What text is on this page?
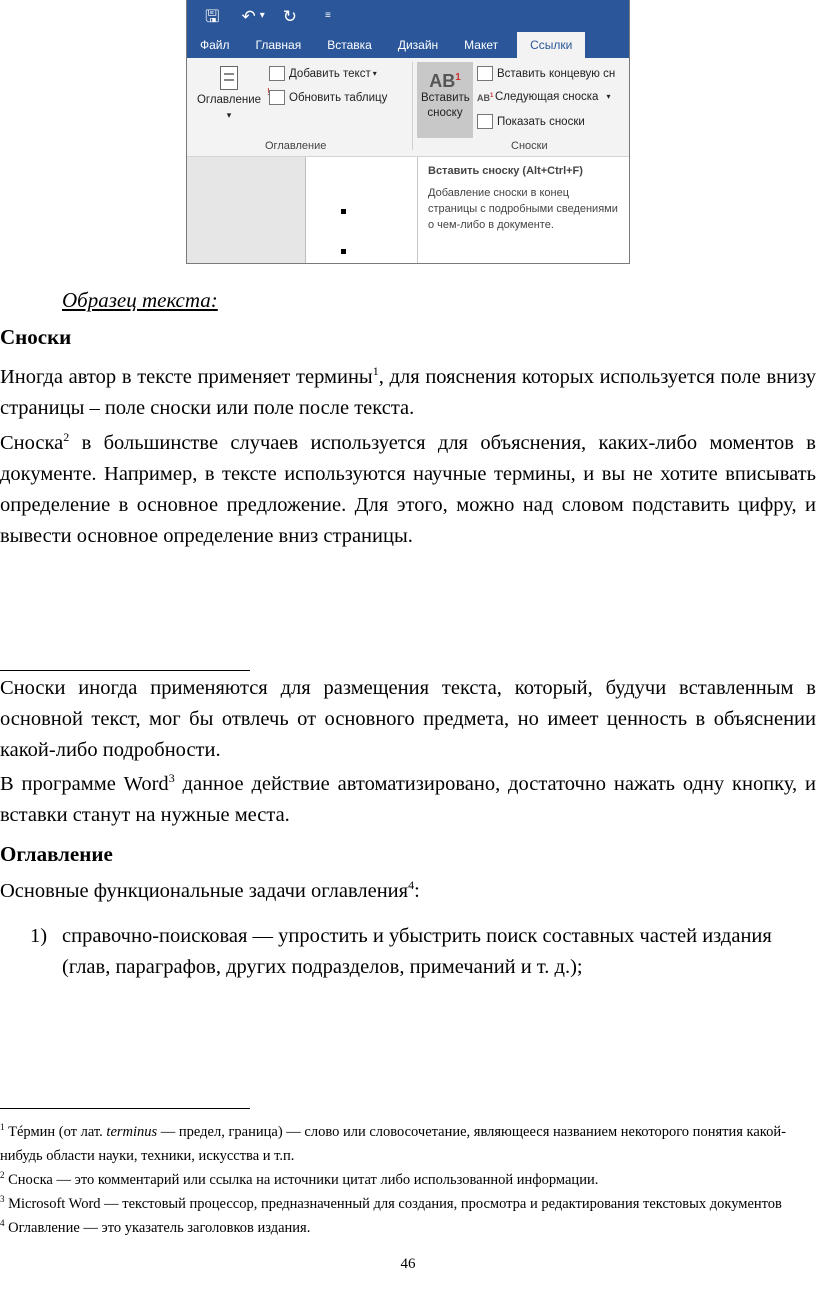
🖫 ↶ ▾ ↻	≡
Файл	Главная	Вставка	Дизайн	Макет	Ссылки
Оглавление
▾
Добавить текст ▾
! Обновить таблицу
Оглавление
$AB^1$
Вставить сноску
Вставить концевую сн
$AB^1$ Следующая сноска ▾
Показать сноски
Сноски
Вставить сноску (Alt+Ctrl+F)
Добавление сноски в конец страницы с подробными сведениями о чем-либо в документе.
Образец текста:
Сноски
Иногда автор в тексте применяет термины$^1$, для пояснения которых используется поле внизу страницы – поле сноски или поле после текста.
Сноска$^2$ в большинстве случаев используется для объяснения, каких-либо моментов в документе. Например, в тексте используются научные термины, и вы не хотите вписывать определение в основное предложение. Для этого, можно над словом подставить цифру, и вывести основное определение вниз страницы.
Сноски иногда применяются для размещения текста, который, будучи вставленным в основной текст, мог бы отвлечь от основного предмета, но имеет ценность в объяснении какой-либо подробности.
В программе Word$^3$ данное действие автоматизировано, достаточно нажать одну кнопку, и вставки станут на нужные места.
Оглавление
Основные функциональные задачи оглавления$^4$:
1) справочно-поисковая — упростить и убыстрить поиск составных частей издания (глав, параграфов, других подразделов, примечаний и т. д.);
$^1$ Тéрмин (от лат. terminus — предел, граница) — слово или словосочетание, являющееся названием некоторого понятия какой-нибудь области науки, техники, искусства и т.п.
$^2$ Сноска — это комментарий или ссылка на источники цитат либо использованной информации.
$^3$ Microsoft Word — текстовый процессор, предназначенный для создания, просмотра и редактирования текстовых документов
$^4$ Оглавление — это указатель заголовков издания.
46
